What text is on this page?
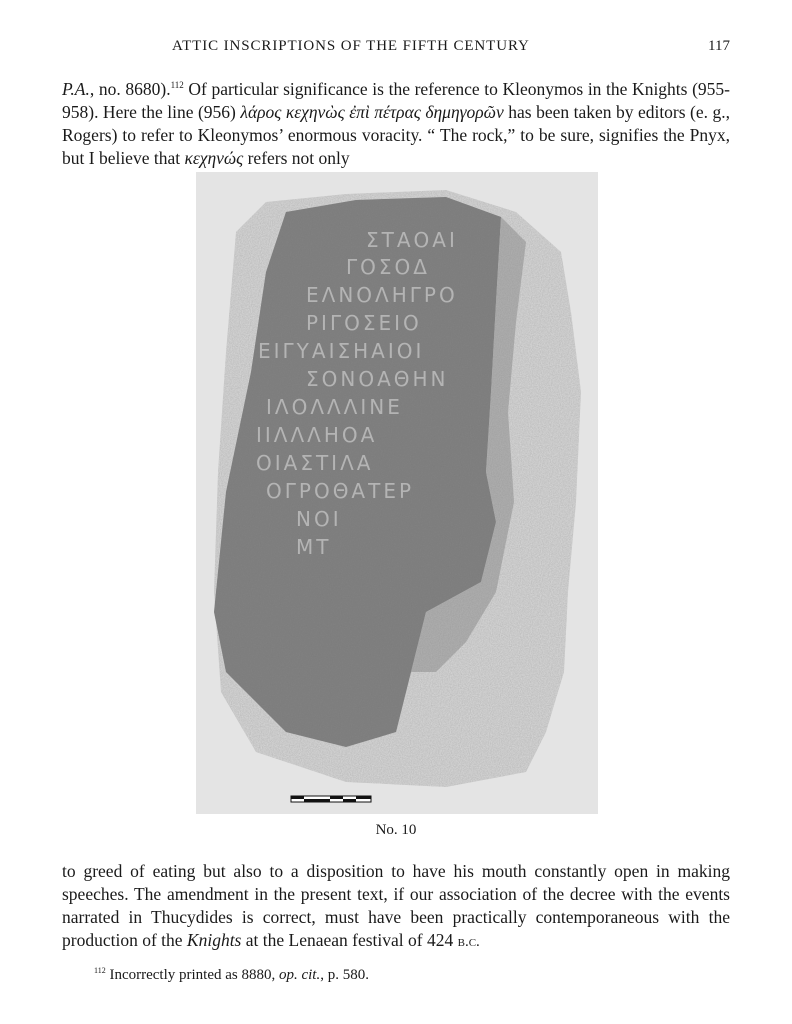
ATTIC INSCRIPTIONS OF THE FIFTH CENTURY	117

P.A., no. 8680).$^{112}$ Of particular significance is the reference to Kleonymos in the Knights (955-958). Here the line (956) λάρος κεχηνὼς ἐπὶ πέτρας δημηγορῶν has been taken by editors (e. g., Rogers) to refer to Kleonymos’ enormous voracity. “ The rock,” to be sure, signifies the Pnyx, but I believe that κεχηνώς refers not only

ΣΤΑΟΑΙ
ΓΟΣΟΔ
ΕΛΝΟΛΗΓΡΟ
ΡΙΓΟΣΕΙΟ
ΕΙΓΥΑΙΣΗΑΙΟΙ
ΣΟΝΟΑΘΗΝ
ΙΛΟΛΛΛΙΝΕ
ΙΙΛΛΛΗΟΑ
ΟΙΑΣΤΙΛΑ
ΟΓΡΟΘΑΤΕΡ
ΝΟΙ
ΜΤ
No. 10

to greed of eating but also to a disposition to have his mouth constantly open in making speeches. The amendment in the present text, if our association of the decree with the events narrated in Thucydides is correct, must have been practically contemporaneous with the production of the Knights at the Lenaean festival of 424 b.c.

$^{112}$ Incorrectly printed as 8880, op. cit., p. 580.
